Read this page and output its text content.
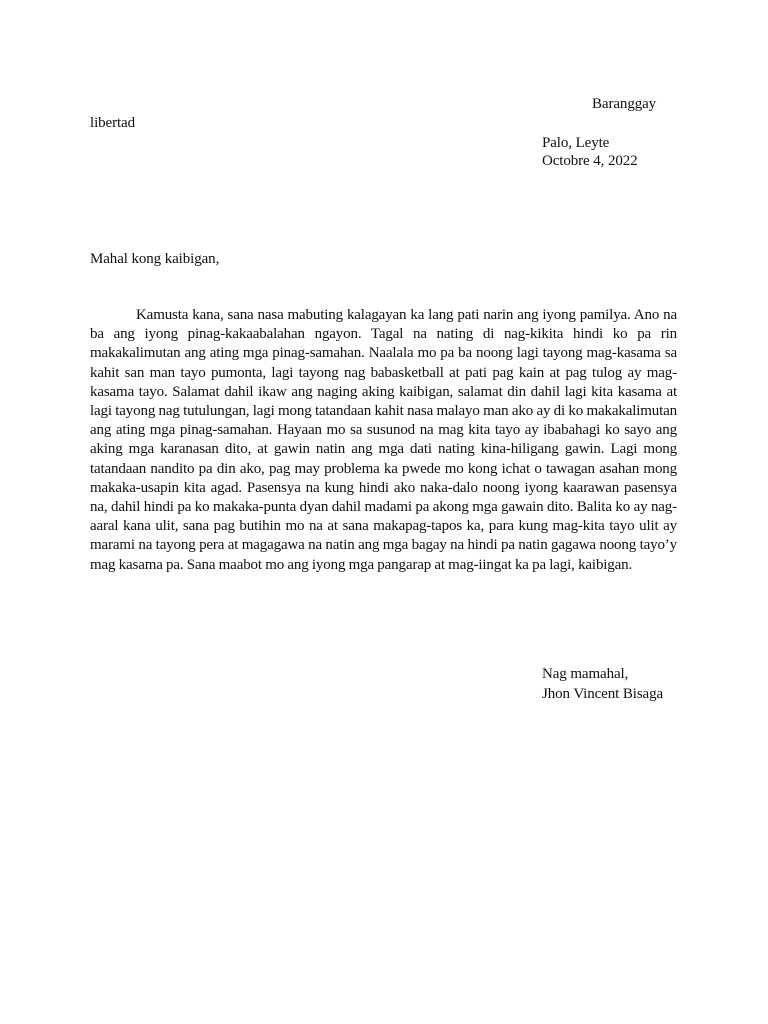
Baranggay
libertad
Palo, Leyte
Octobre 4, 2022
Mahal kong kaibigan,

Kamusta kana, sana nasa mabuting kalagayan ka lang pati narin ang iyong pamilya. Ano na ba ang iyong pinag-kakaabalahan ngayon. Tagal na nating di nag-kikita hindi ko pa rin makakalimutan ang ating mga pinag-samahan. Naalala mo pa ba noong lagi tayong mag-kasama sa kahit san man tayo pumonta, lagi tayong nag babasketball at pati pag kain at pag tulog ay mag-kasama tayo. Salamat dahil ikaw ang naging aking kaibigan, salamat din dahil lagi kita kasama at lagi tayong nag tutulungan, lagi mong tatandaan kahit nasa malayo man ako ay di ko makakalimutan ang ating mga pinag-samahan. Hayaan mo sa susunod na mag kita tayo ay ibabahagi ko sayo ang aking mga karanasan dito, at gawin natin ang mga dati nating kina-hiligang gawin. Lagi mong tatandaan nandito pa din ako, pag may problema ka pwede mo kong ichat o tawagan asahan mong makaka-usapin kita agad. Pasensya na kung hindi ako naka-dalo noong iyong kaarawan pasensya na, dahil hindi pa ko makaka-punta dyan dahil madami pa akong mga gawain dito. Balita ko ay nag-aaral kana ulit, sana pag butihin mo na at sana makapag-tapos ka, para kung mag-kita tayo ulit ay marami na tayong pera at magagawa na natin ang mga bagay na hindi pa natin gagawa noong tayo’y mag kasama pa. Sana maabot mo ang iyong mga pangarap at mag-iingat ka pa lagi, kaibigan.

Nag mamahal,
Jhon Vincent Bisaga
